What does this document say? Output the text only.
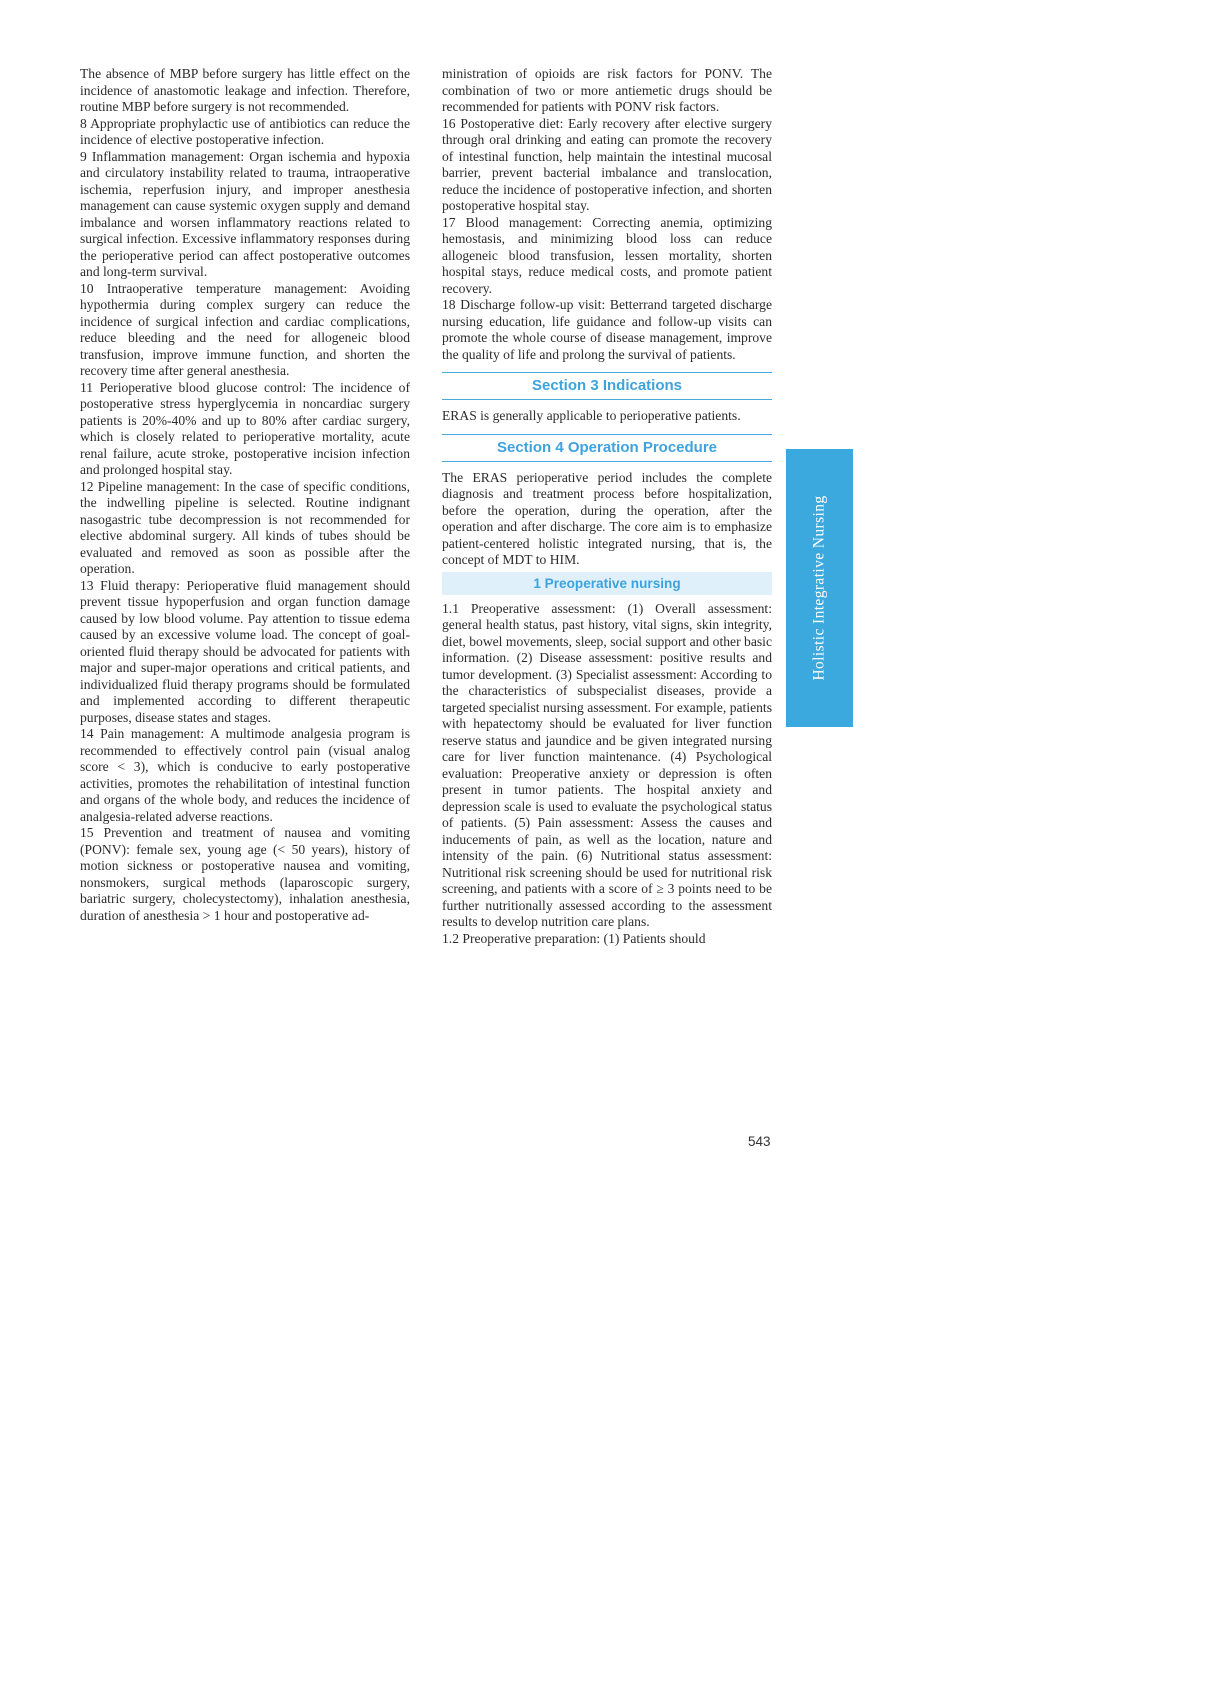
The absence of MBP before surgery has little effect on the incidence of anastomotic leakage and infection. Therefore, routine MBP before surgery is not recommended.

8 Appropriate prophylactic use of antibiotics can reduce the incidence of elective postoperative infection.

9 Inflammation management: Organ ischemia and hypoxia and circulatory instability related to trauma, intraoperative ischemia, reperfusion injury, and improper anesthesia management can cause systemic oxygen supply and demand imbalance and worsen inflammatory reactions related to surgical infection. Excessive inflammatory responses during the perioperative period can affect postoperative outcomes and long-term survival.

10 Intraoperative temperature management: Avoiding hypothermia during complex surgery can reduce the incidence of surgical infection and cardiac complications, reduce bleeding and the need for allogeneic blood transfusion, improve immune function, and shorten the recovery time after general anesthesia.

11 Perioperative blood glucose control: The incidence of postoperative stress hyperglycemia in noncardiac surgery patients is 20%-40% and up to 80% after cardiac surgery, which is closely related to perioperative mortality, acute renal failure, acute stroke, postoperative incision infection and prolonged hospital stay.

12 Pipeline management: In the case of specific conditions, the indwelling pipeline is selected. Routine indignant nasogastric tube decompression is not recommended for elective abdominal surgery. All kinds of tubes should be evaluated and removed as soon as possible after the operation.

13 Fluid therapy: Perioperative fluid management should prevent tissue hypoperfusion and organ function damage caused by low blood volume. Pay attention to tissue edema caused by an excessive volume load. The concept of goal-oriented fluid therapy should be advocated for patients with major and super-major operations and critical patients, and individualized fluid therapy programs should be formulated and implemented according to different therapeutic purposes, disease states and stages.

14 Pain management: A multimode analgesia program is recommended to effectively control pain (visual analog score < 3), which is conducive to early postoperative activities, promotes the rehabilitation of intestinal function and organs of the whole body, and reduces the incidence of analgesia-related adverse reactions.

15 Prevention and treatment of nausea and vomiting (PONV): female sex, young age (< 50 years), history of motion sickness or postoperative nausea and vomiting, nonsmokers, surgical methods (laparoscopic surgery, bariatric surgery, cholecystectomy), inhalation anesthesia, duration of anesthesia > 1 hour and postoperative ad-

ministration of opioids are risk factors for PONV. The combination of two or more antiemetic drugs should be recommended for patients with PONV risk factors.

16 Postoperative diet: Early recovery after elective surgery through oral drinking and eating can promote the recovery of intestinal function, help maintain the intestinal mucosal barrier, prevent bacterial imbalance and translocation, reduce the incidence of postoperative infection, and shorten postoperative hospital stay.

17 Blood management: Correcting anemia, optimizing hemostasis, and minimizing blood loss can reduce allogeneic blood transfusion, lessen mortality, shorten hospital stays, reduce medical costs, and promote patient recovery.

18 Discharge follow-up visit: Betterrand targeted discharge nursing education, life guidance and follow-up visits can promote the whole course of disease management, improve the quality of life and prolong the survival of patients.

Section 3 Indications

ERAS is generally applicable to perioperative patients.

Section 4 Operation Procedure

The ERAS perioperative period includes the complete diagnosis and treatment process before hospitalization, before the operation, during the operation, after the operation and after discharge. The core aim is to emphasize patient-centered holistic integrated nursing, that is, the concept of MDT to HIM.

1 Preoperative nursing

1.1 Preoperative assessment: (1) Overall assessment: general health status, past history, vital signs, skin integrity, diet, bowel movements, sleep, social support and other basic information. (2) Disease assessment: positive results and tumor development. (3) Specialist assessment: According to the characteristics of subspecialist diseases, provide a targeted specialist nursing assessment. For example, patients with hepatectomy should be evaluated for liver function reserve status and jaundice and be given integrated nursing care for liver function maintenance. (4) Psychological evaluation: Preoperative anxiety or depression is often present in tumor patients. The hospital anxiety and depression scale is used to evaluate the psychological status of patients. (5) Pain assessment: Assess the causes and inducements of pain, as well as the location, nature and intensity of the pain. (6) Nutritional status assessment: Nutritional risk screening should be used for nutritional risk screening, and patients with a score of ≥ 3 points need to be further nutritionally assessed according to the assessment results to develop nutrition care plans.

1.2 Preoperative preparation: (1) Patients should

Holistic Integrative Nursing
543
